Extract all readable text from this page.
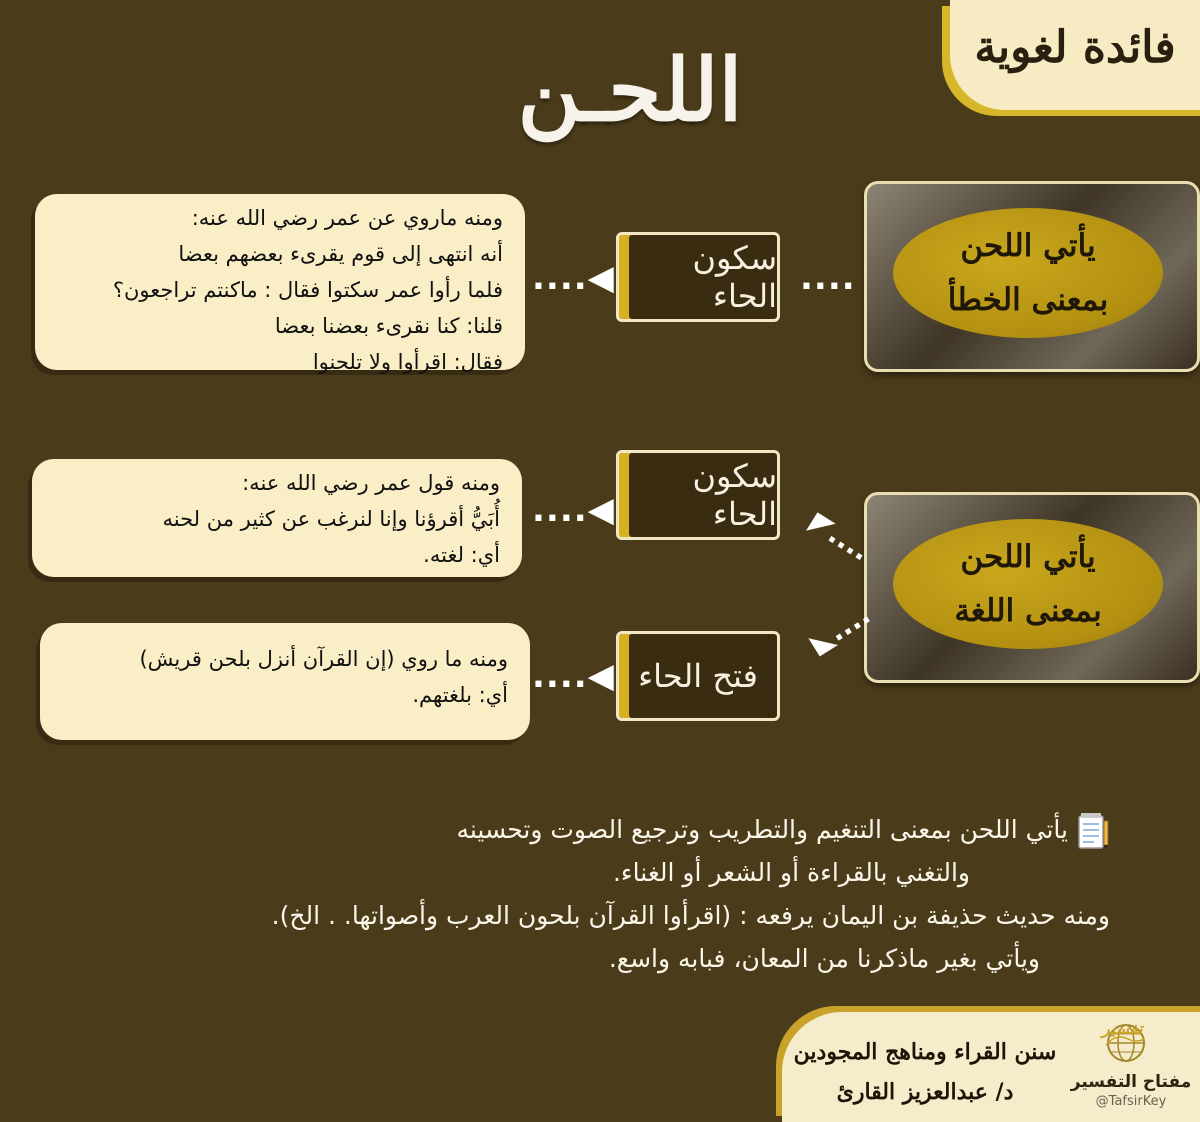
فائدة لغوية
اللحـن
يأتي اللحن
بمعنى الخطأ
....
سكون الحاء
....◀
ومنه ماروي عن عمر رضي الله عنه:
أنه انتهى إلى قوم يقرىء بعضهم بعضا
فلما رأوا عمر سكتوا فقال : ماكنتم تراجعون؟
قلنا: كنا نقرىء بعضنا بعضا
فقال: اقرأوا ولا تلحنوا
يأتي اللحن
بمعنى اللغة
◤....
◣....
سكون الحاء
فتح الحاء
....◀
....◀
ومنه قول عمر رضي الله عنه:
أُبَيُّ أقرؤنا وإنا لنرغب عن كثير من لحنه
أي: لغته.
ومنه ما روي (إن القرآن أنزل بلحن قريش)
أي: بلغتهم.
يأتي اللحن بمعنى التنغيم والتطريب وترجيع الصوت وتحسينه
والتغني بالقراءة أو الشعر أو الغناء.
ومنه حديث حذيفة بن اليمان يرفعه : (اقرأوا القرآن بلحون العرب وأصواتها. . الخ).
ويأتي بغير ماذكرنا من المعان، فبابه واسع.
سنن القراء ومناهج المجودين
د/ عبدالعزيز القارئ
تفسير
مفتاح التفسير
@TafsirKey
